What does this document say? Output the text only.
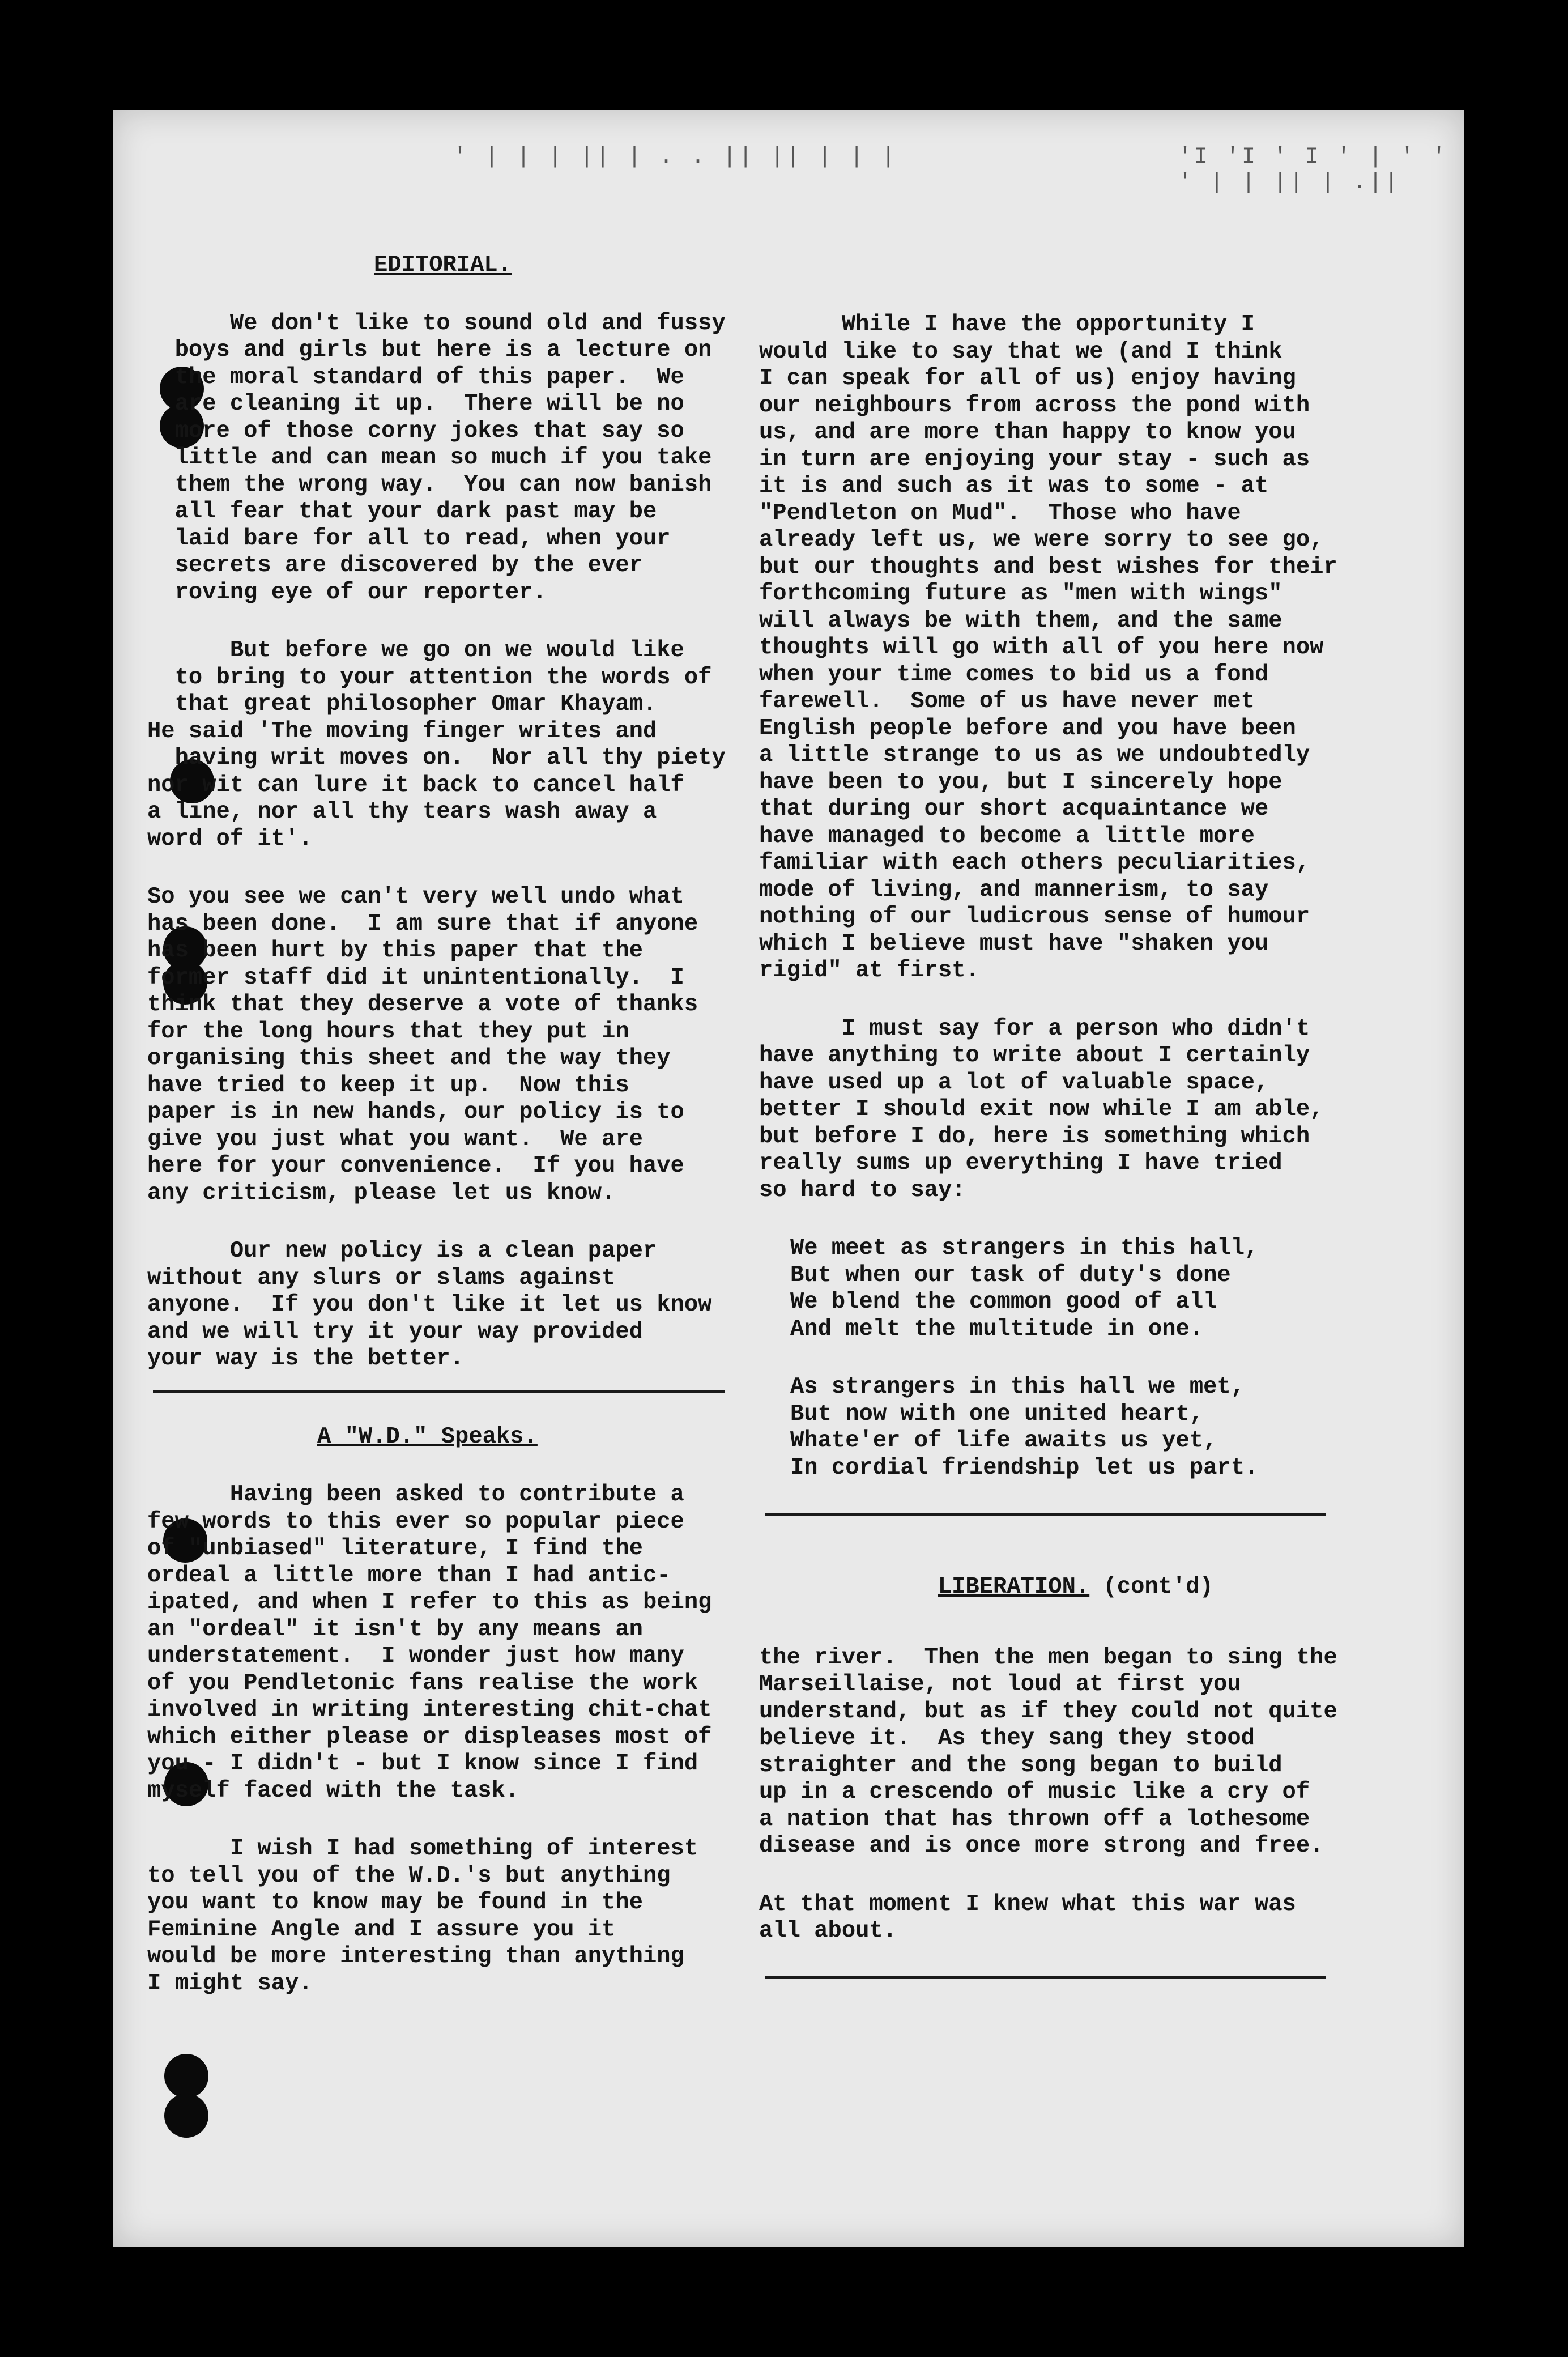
' | | | || | . . || || | | |	'I 'I ' I ' | ' ' ' | | || | .||
EDITORIAL.
We don't like to sound old and fussy
boys and girls but here is a lecture on
the moral standard of this paper.  We
are cleaning it up.  There will be no
more of those corny jokes that say so
little and can mean so much if you take
them the wrong way.  You can now banish
all fear that your dark past may be
laid bare for all to read, when your
secrets are discovered by the ever
roving eye of our reporter.
But before we go on we would like
to bring to your attention the words of
that great philosopher Omar Khayam.
He said 'The moving finger writes and
having writ moves on.  Nor all thy piety
nor wit can lure it back to cancel half
a line, nor all thy tears wash away a
word of it'.
So you see we can't very well undo what
has been done.  I am sure that if anyone
has been hurt by this paper that the
former staff did it unintentionally.  I
think that they deserve a vote of thanks
for the long hours that they put in
organising this sheet and the way they
have tried to keep it up.  Now this
paper is in new hands, our policy is to
give you just what you want.  We are
here for your convenience.  If you have
any criticism, please let us know.
Our new policy is a clean paper
without any slurs or slams against
anyone.  If you don't like it let us know
and we will try it your way provided
your way is the better.
A "W.D." Speaks.
Having been asked to contribute a
few words to this ever so popular piece
of "unbiased" literature, I find the
ordeal a little more than I had antic-
ipated, and when I refer to this as being
an "ordeal" it isn't by any means an
understatement.  I wonder just how many
of you Pendletonic fans realise the work
involved in writing interesting chit-chat
which either please or displeases most of
you - I didn't - but I know since I find
myself faced with the task.
I wish I had something of interest
to tell you of the W.D.'s but anything
you want to know may be found in the
Feminine Angle and I assure you it
would be more interesting than anything
I might say.
While I have the opportunity I
would like to say that we (and I think
I can speak for all of us) enjoy having
our neighbours from across the pond with
us, and are more than happy to know you
in turn are enjoying your stay - such as
it is and such as it was to some - at
"Pendleton on Mud".  Those who have
already left us, we were sorry to see go,
but our thoughts and best wishes for their
forthcoming future as "men with wings"
will always be with them, and the same
thoughts will go with all of you here now
when your time comes to bid us a fond
farewell.  Some of us have never met
English people before and you have been
a little strange to us as we undoubtedly
have been to you, but I sincerely hope
that during our short acquaintance we
have managed to become a little more
familiar with each others peculiarities,
mode of living, and mannerism, to say
nothing of our ludicrous sense of humour
which I believe must have "shaken you
rigid" at first.
I must say for a person who didn't
have anything to write about I certainly
have used up a lot of valuable space,
better I should exit now while I am able,
but before I do, here is something which
really sums up everything I have tried
so hard to say:
We meet as strangers in this hall,
But when our task of duty's done
We blend the common good of all
And melt the multitude in one.
As strangers in this hall we met,
But now with one united heart,
Whate'er of life awaits us yet,
In cordial friendship let us part.

LIBERATION. (cont'd)

the river.  Then the men began to sing the
Marseillaise, not loud at first you
understand, but as if they could not quite
believe it.  As they sang they stood
straighter and the song began to build
up in a crescendo of music like a cry of
a nation that has thrown off a lothesome
disease and is once more strong and free.
At that moment I knew what this war was
all about.
